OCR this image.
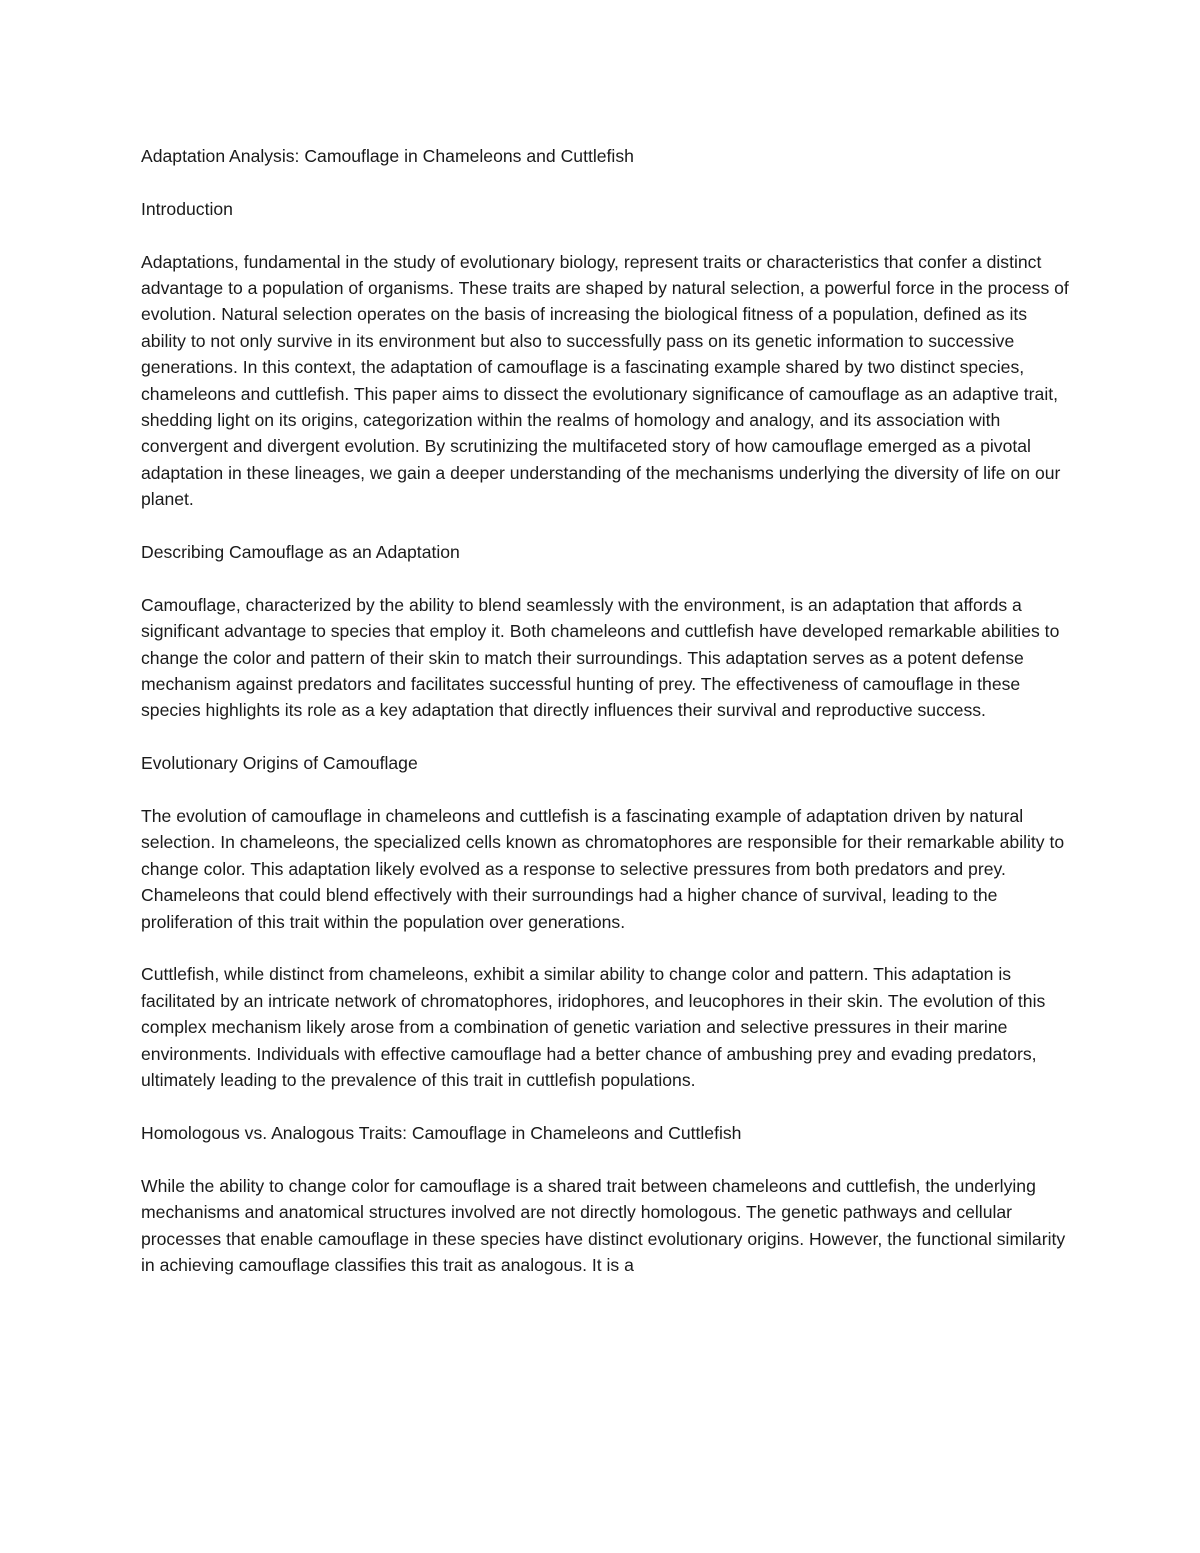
Adaptation Analysis: Camouflage in Chameleons and Cuttlefish

Introduction

Adaptations, fundamental in the study of evolutionary biology, represent traits or characteristics that confer a distinct advantage to a population of organisms. These traits are shaped by natural selection, a powerful force in the process of evolution. Natural selection operates on the basis of increasing the biological fitness of a population, defined as its ability to not only survive in its environment but also to successfully pass on its genetic information to successive generations. In this context, the adaptation of camouflage is a fascinating example shared by two distinct species, chameleons and cuttlefish. This paper aims to dissect the evolutionary significance of camouflage as an adaptive trait, shedding light on its origins, categorization within the realms of homology and analogy, and its association with convergent and divergent evolution. By scrutinizing the multifaceted story of how camouflage emerged as a pivotal adaptation in these lineages, we gain a deeper understanding of the mechanisms underlying the diversity of life on our planet.

Describing Camouflage as an Adaptation

Camouflage, characterized by the ability to blend seamlessly with the environment, is an adaptation that affords a significant advantage to species that employ it. Both chameleons and cuttlefish have developed remarkable abilities to change the color and pattern of their skin to match their surroundings. This adaptation serves as a potent defense mechanism against predators and facilitates successful hunting of prey. The effectiveness of camouflage in these species highlights its role as a key adaptation that directly influences their survival and reproductive success.

Evolutionary Origins of Camouflage

The evolution of camouflage in chameleons and cuttlefish is a fascinating example of adaptation driven by natural selection. In chameleons, the specialized cells known as chromatophores are responsible for their remarkable ability to change color. This adaptation likely evolved as a response to selective pressures from both predators and prey. Chameleons that could blend effectively with their surroundings had a higher chance of survival, leading to the proliferation of this trait within the population over generations.

Cuttlefish, while distinct from chameleons, exhibit a similar ability to change color and pattern. This adaptation is facilitated by an intricate network of chromatophores, iridophores, and leucophores in their skin. The evolution of this complex mechanism likely arose from a combination of genetic variation and selective pressures in their marine environments. Individuals with effective camouflage had a better chance of ambushing prey and evading predators, ultimately leading to the prevalence of this trait in cuttlefish populations.

Homologous vs. Analogous Traits: Camouflage in Chameleons and Cuttlefish

While the ability to change color for camouflage is a shared trait between chameleons and cuttlefish, the underlying mechanisms and anatomical structures involved are not directly homologous. The genetic pathways and cellular processes that enable camouflage in these species have distinct evolutionary origins. However, the functional similarity in achieving camouflage classifies this trait as analogous. It is a
